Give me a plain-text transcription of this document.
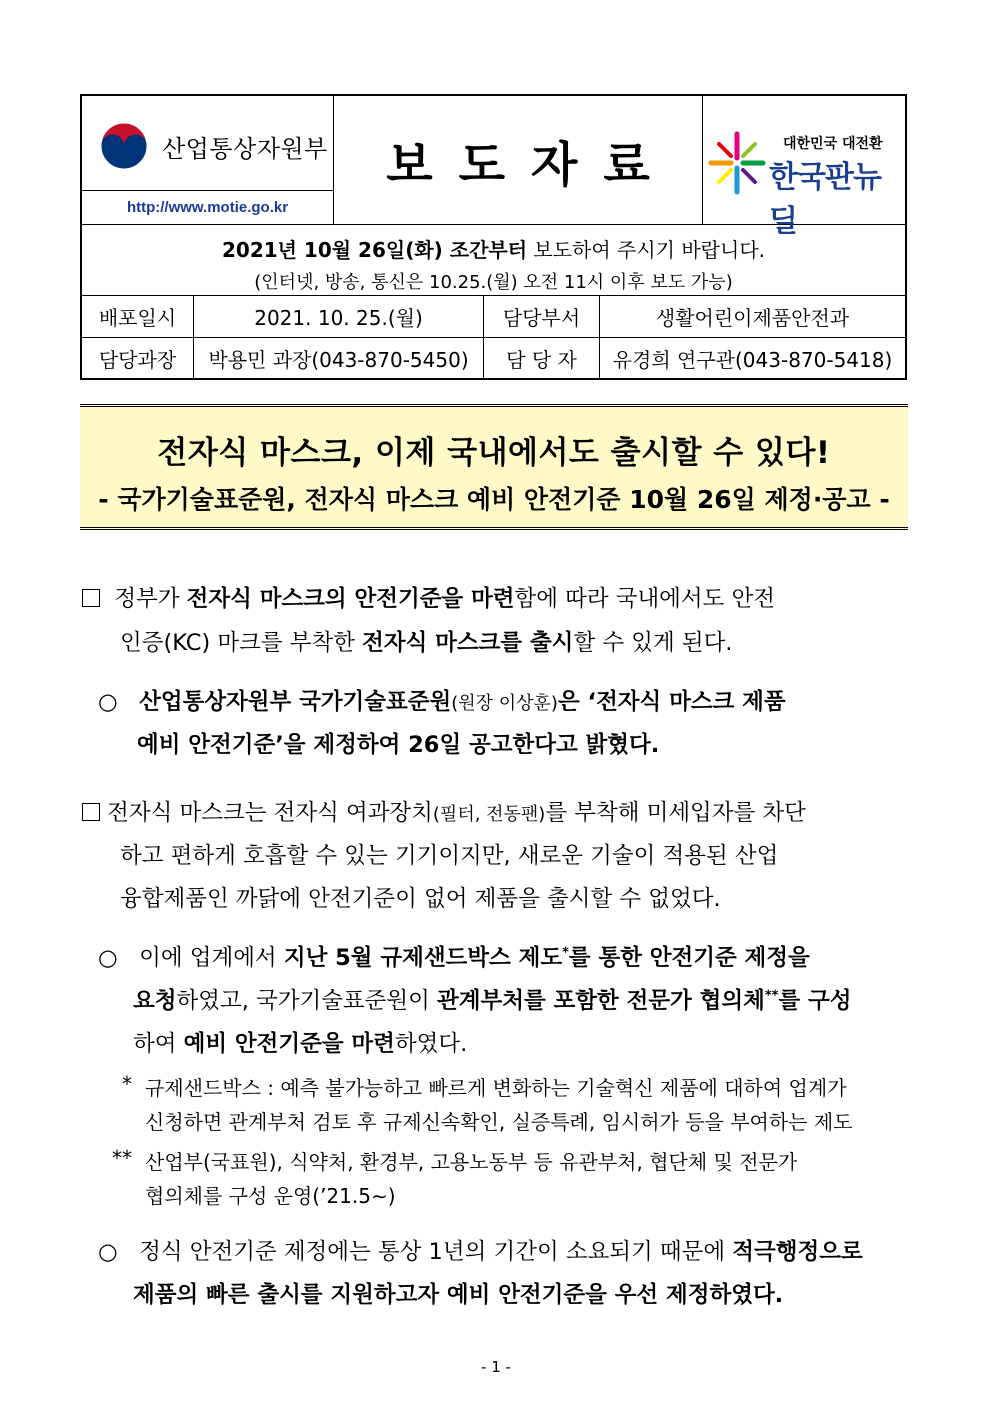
산업통상자원부
http://www.motie.go.kr
보도자료	대한민국 대전환
한국판뉴딜
2021년 10월 26일(화) 조간부터 보도하여 주시기 바랍니다.
(인터넷, 방송, 통신은 10.25.(월) 오전 11시 이후 보도 가능)
배포일시	2021. 10. 25.(월)	담당부서	생활어린이제품안전과
담당과장	박용민 과장(043-870-5450)	담 당 자	유경희 연구관(043-870-5418)
전자식 마스크, 이제 국내에서도 출시할 수 있다!
- 국가기술표준원, 전자식 마스크 예비 안전기준 10월 26일 제정·공고 -
정부가 전자식 마스크의 안전기준을 마련함에 따라 국내에서도 안전
인증(KC) 마크를 부착한 전자식 마스크를 출시할 수 있게 된다.
○ 산업통상자원부 국가기술표준원(원장 이상훈)은 ‘전자식 마스크 제품
예비 안전기준’을 제정하여 26일 공고한다고 밝혔다.
전자식 마스크는 전자식 여과장치(필터, 전동팬)를 부착해 미세입자를 차단
하고 편하게 호흡할 수 있는 기기이지만, 새로운 기술이 적용된 산업
융합제품인 까닭에 안전기준이 없어 제품을 출시할 수 없었다.
○ 이에 업계에서 지난 5월 규제샌드박스 제도*를 통한 안전기준 제정을
요청하였고, 국가기술표준원이 관계부처를 포함한 전문가 협의체**를 구성
하여 예비 안전기준을 마련하였다.
* 규제샌드박스 : 예측 불가능하고 빠르게 변화하는 기술혁신 제품에 대하여 업계가
신청하면 관계부처 검토 후 규제신속확인, 실증특례, 임시허가 등을 부여하는 제도
** 산업부(국표원), 식약처, 환경부, 고용노동부 등 유관부처, 협단체 및 전문가
협의체를 구성 운영(’21.5∼)
○ 정식 안전기준 제정에는 통상 1년의 기간이 소요되기 때문에 적극행정으로
제품의 빠른 출시를 지원하고자 예비 안전기준을 우선 제정하였다.
- 1 -
